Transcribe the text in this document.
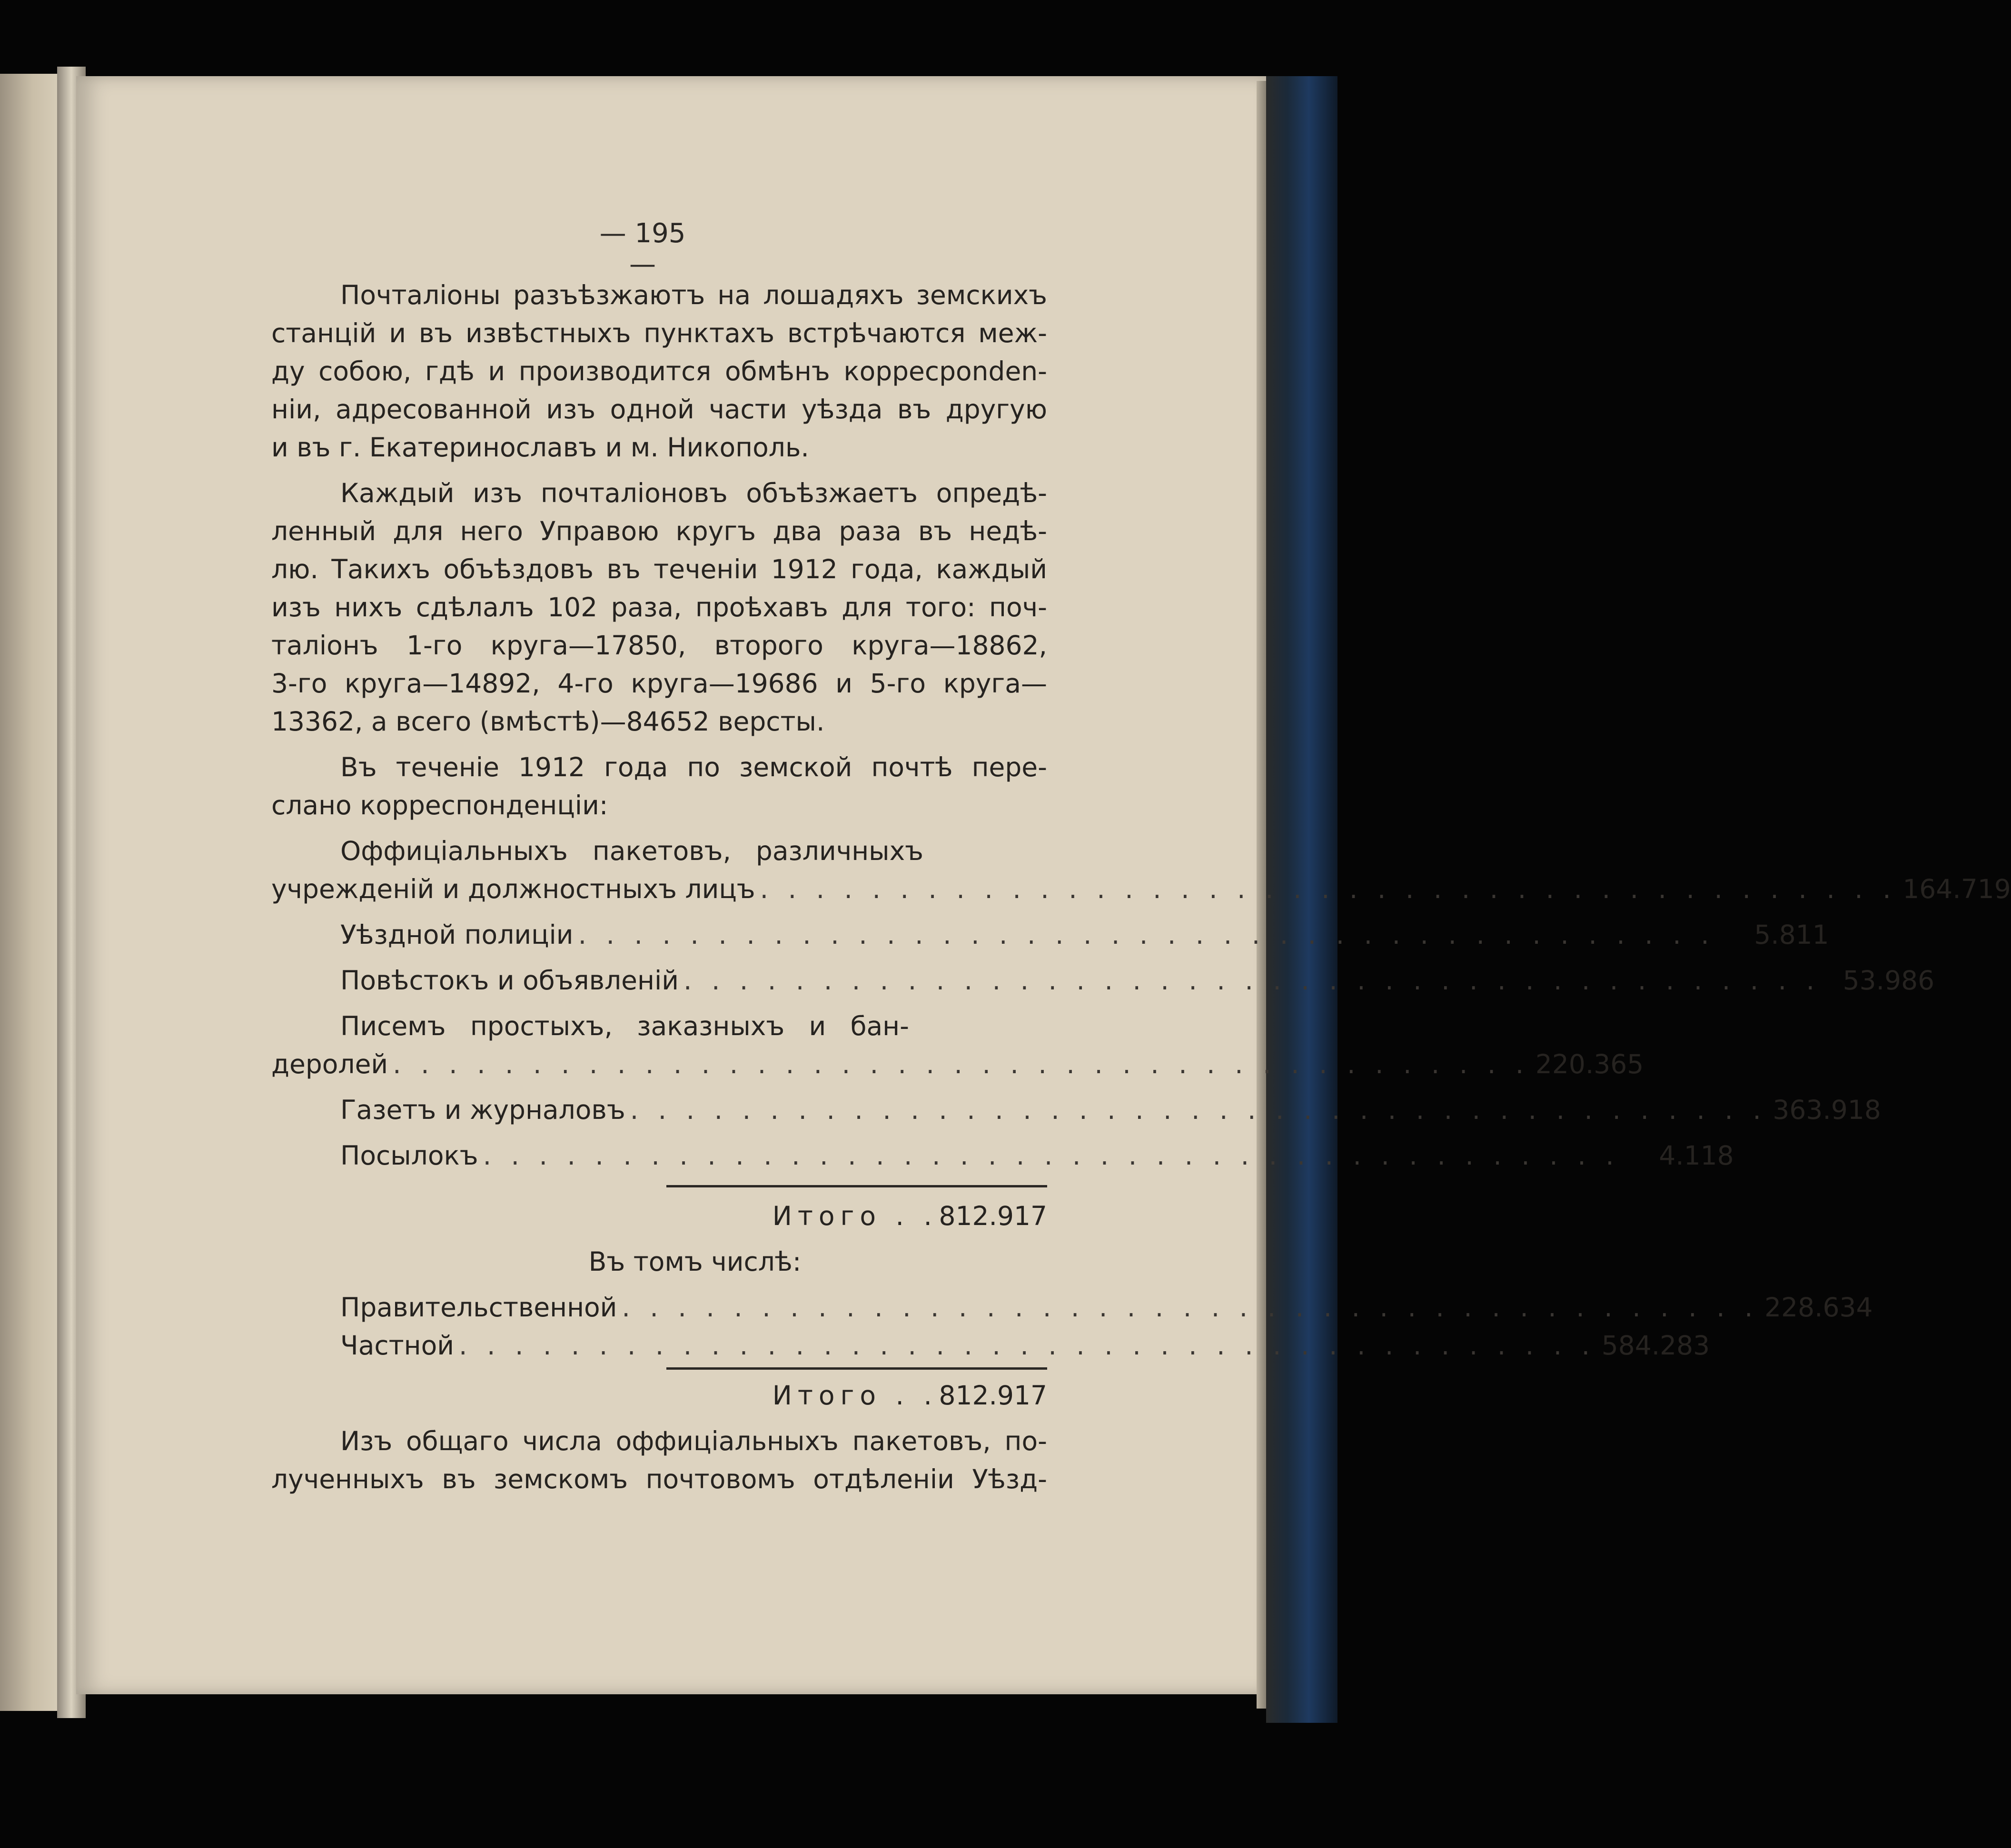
— 195 —
Почталіоны разъѣзжаютъ на лошадяхъ земскихъ
станцій и въ извѣстныхъ пунктахъ встрѣчаются меж-
ду собою, гдѣ и производится обмѣнъ корресponden-
ніи, адресованной изъ одной части уѣзда въ другую
и въ г. Екатеринославъ и м. Никополь.
Каждый изъ почталіоновъ объѣзжаетъ опредѣ-
ленный для него Управою кругъ два раза въ недѣ-
лю. Такихъ объѣздовъ въ теченіи 1912 года, каждый
изъ нихъ сдѣлалъ 102 раза, проѣхавъ для того: поч-
таліонъ 1-го круга—17850, второго круга—18862,
3-го круга—14892, 4-го круга—19686 и 5-го круга—
13362, а всего (вмѣстѣ)—84652 версты.
Въ теченіе 1912 года по земской почтѣ пере-
слано корреспонденціи:
Оффиціальныхъ пакетовъ, различныхъ
учрежденій и должностныхъ лицъ . . . . . . . . . . . . . . . . . . . . . . . . . . . . . . . . . . . . . . . . . 164.719
Уѣздной полиціи . . . . . . . . . . . . . . . . . . . . . . . . . . . . . . . . . . . . . . . . .	5.811
Повѣстокъ и объявленій . . . . . . . . . . . . . . . . . . . . . . . . . . . . . . . . . . . . . . . . . 53.986
Писемъ простыхъ, заказныхъ и бан-
деролей . . . . . . . . . . . . . . . . . . . . . . . . . . . . . . . . . . . . . . . . . 220.365
Газетъ и журналовъ . . . . . . . . . . . . . . . . . . . . . . . . . . . . . . . . . . . . . . . . . 363.918
Посылокъ . . . . . . . . . . . . . . . . . . . . . . . . . . . . . . . . . . . . . . . . .	4.118
Итого . . 812.917
Въ томъ числѣ:
Правительственной . . . . . . . . . . . . . . . . . . . . . . . . . . . . . . . . . . . . . . . . . 228.634
Частной . . . . . . . . . . . . . . . . . . . . . . . . . . . . . . . . . . . . . . . . . 584.283
Итого . . 812.917
Изъ общаго числа оффиціальныхъ пакетовъ, по-
лученныхъ въ земскомъ почтовомъ отдѣленіи Уѣзд-
